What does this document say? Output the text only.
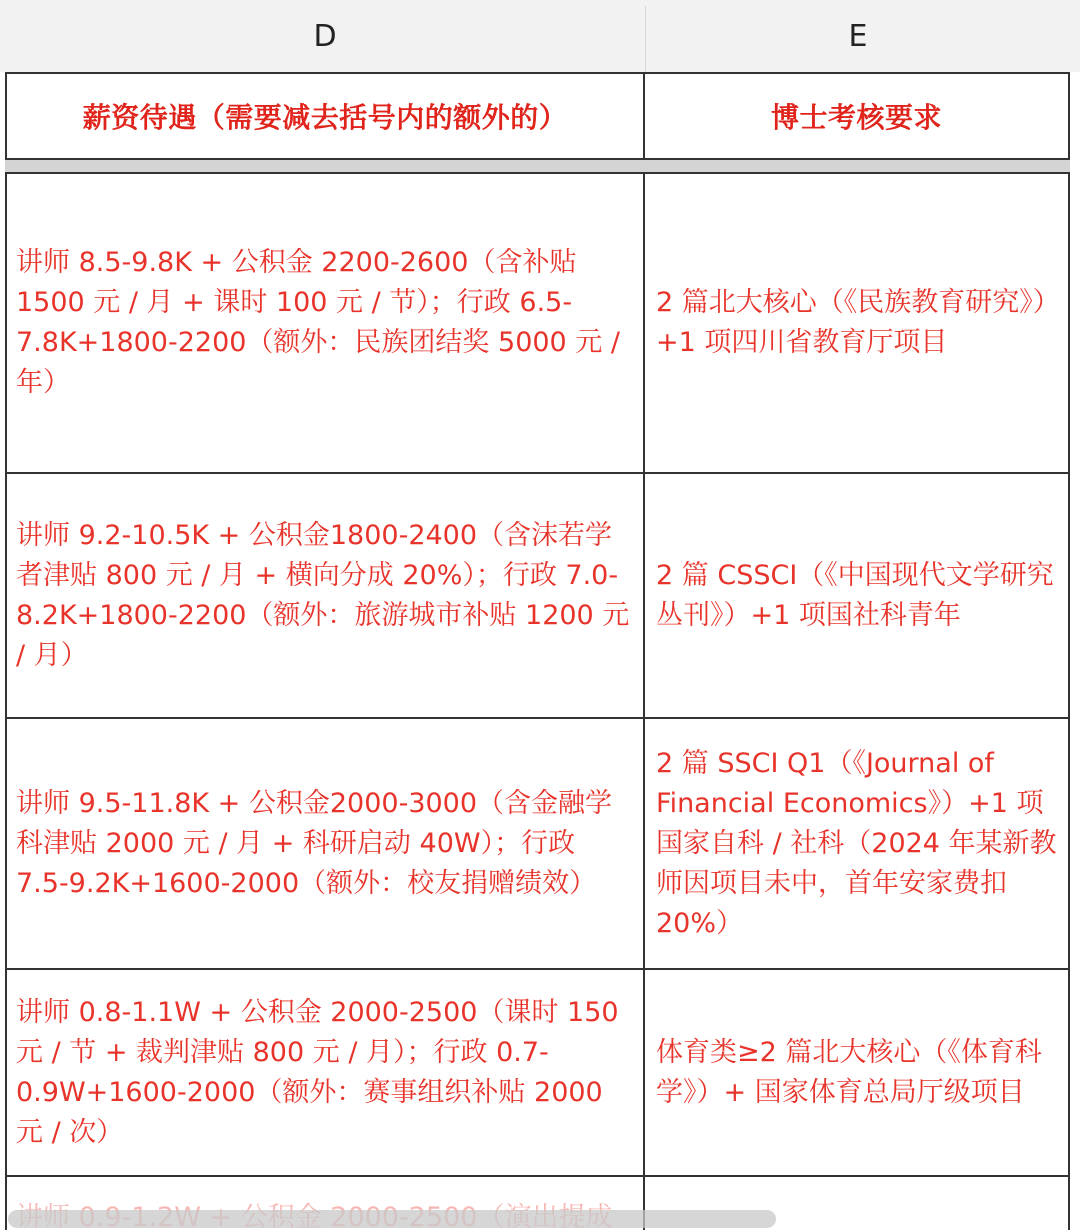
D	E
薪资待遇（需要减去括号内的额外的）	博士考核要求
讲师 8.5-9.8K + 公积金 2200-2600（含补贴 1500 元 / 月 + 课时 100 元 / 节）；行政 6.5-7.8K+1800-2200（额外：民族团结奖 5000 元 / 年）
2 篇北大核心（《民族教育研究》）+1 项四川省教育厅项目
讲师 9.2-10.5K + 公积金1800-2400（含沫若学者津贴 800 元 / 月 + 横向分成 20%）；行政 7.0-8.2K+1800-2200（额外：旅游城市补贴 1200 元 / 月）
2 篇 CSSCI（《中国现代文学研究丛刊》）+1 项国社科青年
讲师 9.5-11.8K + 公积金2000-3000（含金融学科津贴 2000 元 / 月 + 科研启动 40W）；行政 7.5-9.2K+1600-2000（额外：校友捐赠绩效）
2 篇 SSCI Q1（《Journal of Financial Economics》）+1 项国家自科 / 社科（2024 年某新教师因项目未中，首年安家费扣 20%）
讲师 0.8-1.1W + 公积金 2000-2500（课时 150 元 / 节 + 裁判津贴 800 元 / 月）；行政 0.7-0.9W+1600-2000（额外：赛事组织补贴 2000 元 / 次）
体育类≥2 篇北大核心（《体育科学》）+ 国家体育总局厅级项目
